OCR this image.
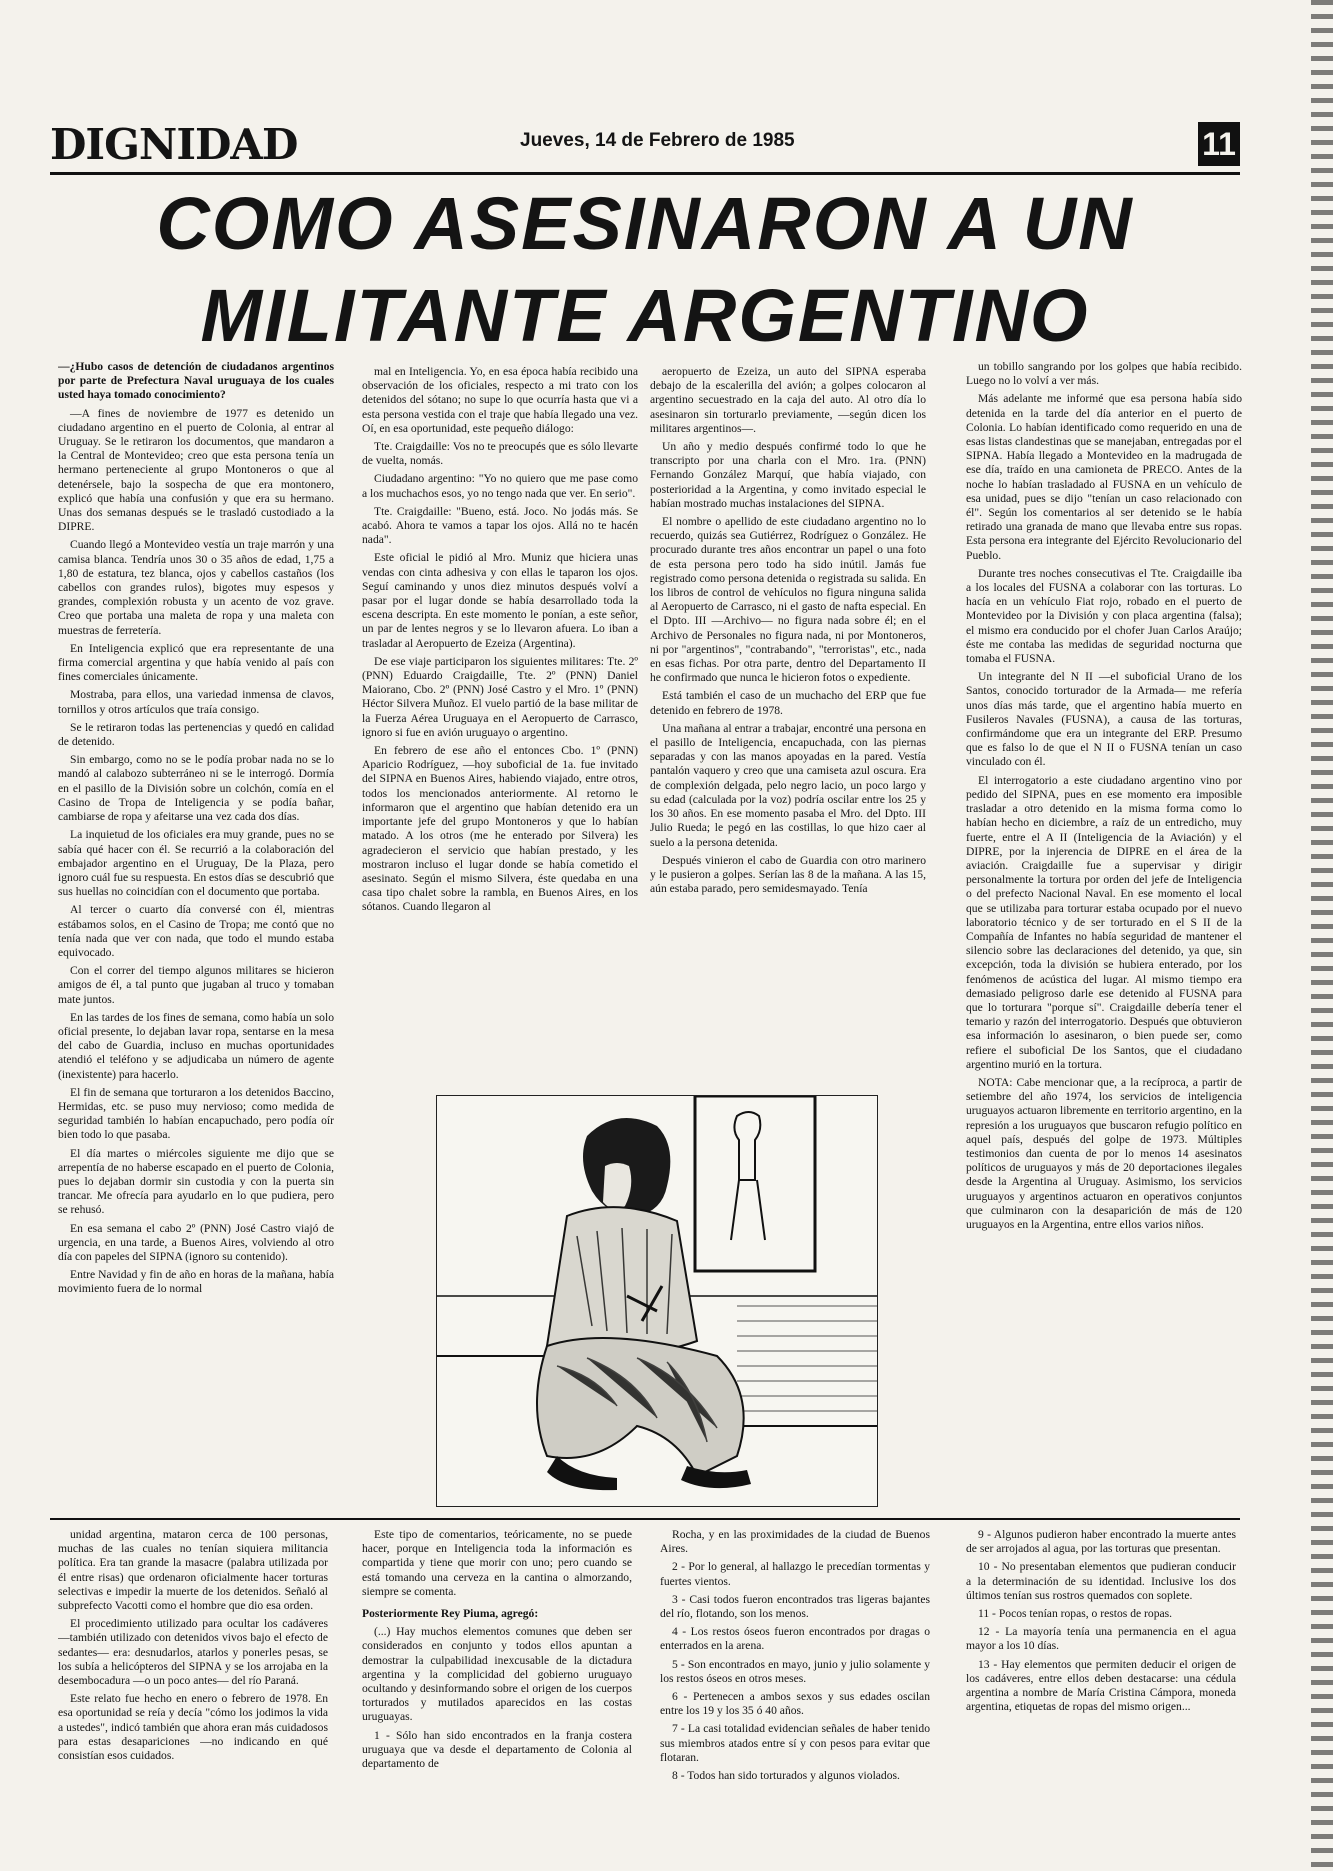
DIGNIDAD	Jueves, 14 de Febrero de 1985	11
COMO ASESINARON A UN
MILITANTE ARGENTINO

—¿Hubo casos de detención de ciudadanos argentinos por parte de Prefectura Naval uruguaya de los cuales usted haya tomado conocimiento?

—A fines de noviembre de 1977 es detenido un ciudadano argentino en el puerto de Colonia, al entrar al Uruguay. Se le retiraron los documentos, que mandaron a la Central de Montevideo; creo que esta persona tenía un hermano perteneciente al grupo Montoneros o que al detenérsele, bajo la sospecha de que era montonero, explicó que había una confusión y que era su hermano. Unas dos semanas después se le trasladó custodiado a la DIPRE.

Cuando llegó a Montevideo vestía un traje marrón y una camisa blanca. Tendría unos 30 o 35 años de edad, 1,75 a 1,80 de estatura, tez blanca, ojos y cabellos castaños (los cabellos con grandes rulos), bigotes muy espesos y grandes, complexión robusta y un acento de voz grave. Creo que portaba una maleta de ropa y una maleta con muestras de ferretería.

En Inteligencia explicó que era representante de una firma comercial argentina y que había venido al país con fines comerciales únicamente.

Mostraba, para ellos, una variedad inmensa de clavos, tornillos y otros artículos que traía consigo.

Se le retiraron todas las pertenencias y quedó en calidad de detenido.

Sin embargo, como no se le podía probar nada no se lo mandó al calabozo subterráneo ni se le interrogó. Dormía en el pasillo de la División sobre un colchón, comía en el Casino de Tropa de Inteligencia y se podía bañar, cambiarse de ropa y afeitarse una vez cada dos días.

La inquietud de los oficiales era muy grande, pues no se sabía qué hacer con él. Se recurrió a la colaboración del embajador argentino en el Uruguay, De la Plaza, pero ignoro cuál fue su respuesta. En estos días se descubrió que sus huellas no coincidían con el documento que portaba.

Al tercer o cuarto día conversé con él, mientras estábamos solos, en el Casino de Tropa; me contó que no tenía nada que ver con nada, que todo el mundo estaba equivocado.

Con el correr del tiempo algunos militares se hicieron amigos de él, a tal punto que jugaban al truco y tomaban mate juntos.

En las tardes de los fines de semana, como había un solo oficial presente, lo dejaban lavar ropa, sentarse en la mesa del cabo de Guardia, incluso en muchas oportunidades atendió el teléfono y se adjudicaba un número de agente (inexistente) para hacerlo.

El fin de semana que torturaron a los detenidos Baccino, Hermidas, etc. se puso muy nervioso; como medida de seguridad también lo habían encapuchado, pero podía oír bien todo lo que pasaba.

El día martes o miércoles siguiente me dijo que se arrepentía de no haberse escapado en el puerto de Colonia, pues lo dejaban dormir sin custodia y con la puerta sin trancar. Me ofrecía para ayudarlo en lo que pudiera, pero se rehusó.

En esa semana el cabo 2º (PNN) José Castro viajó de urgencia, en una tarde, a Buenos Aires, volviendo al otro día con papeles del SIPNA (ignoro su contenido).

Entre Navidad y fin de año en horas de la mañana, había movimiento fuera de lo normal

mal en Inteligencia. Yo, en esa época había recibido una observación de los oficiales, respecto a mi trato con los detenidos del sótano; no supe lo que ocurría hasta que vi a esta persona vestida con el traje que había llegado una vez. Oí, en esa oportunidad, este pequeño diálogo:

Tte. Craigdaille: Vos no te preocupés que es sólo llevarte de vuelta, nomás.

Ciudadano argentino: "Yo no quiero que me pase como a los muchachos esos, yo no tengo nada que ver. En serio".

Tte. Craigdaille: "Bueno, está. Joco. No jodás más. Se acabó. Ahora te vamos a tapar los ojos. Allá no te hacén nada".

Este oficial le pidió al Mro. Muniz que hiciera unas vendas con cinta adhesiva y con ellas le taparon los ojos. Seguí caminando y unos diez minutos después volví a pasar por el lugar donde se había desarrollado toda la escena descripta. En este momento le ponían, a este señor, un par de lentes negros y se lo llevaron afuera. Lo iban a trasladar al Aeropuerto de Ezeiza (Argentina).

De ese viaje participaron los siguientes militares: Tte. 2º (PNN) Eduardo Craigdaille, Tte. 2º (PNN) Daniel Maiorano, Cbo. 2º (PNN) José Castro y el Mro. 1º (PNN) Héctor Silvera Muñoz. El vuelo partió de la base militar de la Fuerza Aérea Uruguaya en el Aeropuerto de Carrasco, ignoro si fue en avión uruguayo o argentino.

En febrero de ese año el entonces Cbo. 1º (PNN) Aparicio Rodríguez, —hoy suboficial de 1a. fue invitado del SIPNA en Buenos Aires, habiendo viajado, entre otros, todos los mencionados anteriormente. Al retorno le informaron que el argentino que habían detenido era un importante jefe del grupo Montoneros y que lo habían matado. A los otros (me he enterado por Silvera) les agradecieron el servicio que habían prestado, y les mostraron incluso el lugar donde se había cometido el asesinato. Según el mismo Silvera, éste quedaba en una casa tipo chalet sobre la rambla, en Buenos Aires, en los sótanos. Cuando llegaron al

aeropuerto de Ezeiza, un auto del SIPNA esperaba debajo de la escalerilla del avión; a golpes colocaron al argentino secuestrado en la caja del auto. Al otro día lo asesinaron sin torturarlo previamente, —según dicen los militares argentinos—.

Un año y medio después confirmé todo lo que he transcripto por una charla con el Mro. 1ra. (PNN) Fernando González Marquí, que había viajado, con posterioridad a la Argentina, y como invitado especial le habían mostrado muchas instalaciones del SIPNA.

El nombre o apellido de este ciudadano argentino no lo recuerdo, quizás sea Gutiérrez, Rodríguez o González. He procurado durante tres años encontrar un papel o una foto de esta persona pero todo ha sido inútil. Jamás fue registrado como persona detenida o registrada su salida. En los libros de control de vehículos no figura ninguna salida al Aeropuerto de Carrasco, ni el gasto de nafta especial. En el Dpto. III —Archivo— no figura nada sobre él; en el Archivo de Personales no figura nada, ni por Montoneros, ni por "argentinos", "contrabando", "terroristas", etc., nada en esas fichas. Por otra parte, dentro del Departamento II he confirmado que nunca le hicieron fotos o expediente.

Está también el caso de un muchacho del ERP que fue detenido en febrero de 1978.

Una mañana al entrar a trabajar, encontré una persona en el pasillo de Inteligencia, encapuchada, con las piernas separadas y con las manos apoyadas en la pared. Vestía pantalón vaquero y creo que una camiseta azul oscura. Era de complexión delgada, pelo negro lacio, un poco largo y su edad (calculada por la voz) podría oscilar entre los 25 y los 30 años. En ese momento pasaba el Mro. del Dpto. III Julio Rueda; le pegó en las costillas, lo que hizo caer al suelo a la persona detenida.

Después vinieron el cabo de Guardia con otro marinero y le pusieron a golpes. Serían las 8 de la mañana. A las 15, aún estaba parado, pero semidesmayado. Tenía

un tobillo sangrando por los golpes que había recibido. Luego no lo volví a ver más.

Más adelante me informé que esa persona había sido detenida en la tarde del día anterior en el puerto de Colonia. Lo habían identificado como requerido en una de esas listas clandestinas que se manejaban, entregadas por el SIPNA. Había llegado a Montevideo en la madrugada de ese día, traído en una camioneta de PRECO. Antes de la noche lo habían trasladado al FUSNA en un vehículo de esa unidad, pues se dijo "tenían un caso relacionado con él". Según los comentarios al ser detenido se le había retirado una granada de mano que llevaba entre sus ropas. Esta persona era integrante del Ejército Revolucionario del Pueblo.

Durante tres noches consecutivas el Tte. Craigdaille iba a los locales del FUSNA a colaborar con las torturas. Lo hacía en un vehículo Fiat rojo, robado en el puerto de Montevideo por la División y con placa argentina (falsa); el mismo era conducido por el chofer Juan Carlos Araújo; éste me contaba las medidas de seguridad nocturna que tomaba el FUSNA.

Un integrante del N II —el suboficial Urano de los Santos, conocido torturador de la Armada— me refería unos días más tarde, que el argentino había muerto en Fusileros Navales (FUSNA), a causa de las torturas, confirmándome que era un integrante del ERP. Presumo que es falso lo de que el N II o FUSNA tenían un caso vinculado con él.

El interrogatorio a este ciudadano argentino vino por pedido del SIPNA, pues en ese momento era imposible trasladar a otro detenido en la misma forma como lo habían hecho en diciembre, a raíz de un entredicho, muy fuerte, entre el A II (Inteligencia de la Aviación) y el DIPRE, por la injerencia de DIPRE en el área de la aviación. Craigdaille fue a supervisar y dirigir personalmente la tortura por orden del jefe de Inteligencia o del prefecto Nacional Naval. En ese momento el local que se utilizaba para torturar estaba ocupado por el nuevo laboratorio técnico y de ser torturado en el S II de la Compañía de Infantes no había seguridad de mantener el silencio sobre las declaraciones del detenido, ya que, sin excepción, toda la división se hubiera enterado, por los fenómenos de acústica del lugar. Al mismo tiempo era demasiado peligroso darle ese detenido al FUSNA para que lo torturara "porque sí". Craigdaille debería tener el temario y razón del interrogatorio. Después que obtuvieron esa información lo asesinaron, o bien puede ser, como refiere el suboficial De los Santos, que el ciudadano argentino murió en la tortura.

NOTA: Cabe mencionar que, a la recíproca, a partir de setiembre del año 1974, los servicios de inteligencia uruguayos actuaron libremente en territorio argentino, en la represión a los uruguayos que buscaron refugio político en aquel país, después del golpe de 1973. Múltiples testimonios dan cuenta de por lo menos 14 asesinatos políticos de uruguayos y más de 20 deportaciones ilegales desde la Argentina al Uruguay. Asimismo, los servicios uruguayos y argentinos actuaron en operativos conjuntos que culminaron con la desaparición de más de 120 uruguayos en la Argentina, entre ellos varios niños.

unidad argentina, mataron cerca de 100 personas, muchas de las cuales no tenían siquiera militancia política. Era tan grande la masacre (palabra utilizada por él entre risas) que ordenaron oficialmente hacer torturas selectivas e impedir la muerte de los detenidos. Señaló al subprefecto Vacotti como el hombre que dio esa orden.

El procedimiento utilizado para ocultar los cadáveres —también utilizado con detenidos vivos bajo el efecto de sedantes— era: desnudarlos, atarlos y ponerles pesas, se los subía a helicópteros del SIPNA y se los arrojaba en la desembocadura —o un poco antes— del río Paraná.

Este relato fue hecho en enero o febrero de 1978. En esa oportunidad se reía y decía "cómo los jodimos la vida a ustedes", indicó también que ahora eran más cuidadosos para estas desapariciones —no indicando en qué consistían esos cuidados.

Este tipo de comentarios, teóricamente, no se puede hacer, porque en Inteligencia toda la información es compartida y tiene que morir con uno; pero cuando se está tomando una cerveza en la cantina o almorzando, siempre se comenta.

Posteriormente Rey Piuma, agregó:

(...) Hay muchos elementos comunes que deben ser considerados en conjunto y todos ellos apuntan a demostrar la culpabilidad inexcusable de la dictadura argentina y la complicidad del gobierno uruguayo ocultando y desinformando sobre el origen de los cuerpos torturados y mutilados aparecidos en las costas uruguayas.

1 - Sólo han sido encontrados en la franja costera uruguaya que va desde el departamento de Colonia al departamento de

Rocha, y en las proximidades de la ciudad de Buenos Aires.

2 - Por lo general, al hallazgo le precedían tormentas y fuertes vientos.

3 - Casi todos fueron encontrados tras ligeras bajantes del río, flotando, son los menos.

4 - Los restos óseos fueron encontrados por dragas o enterrados en la arena.

5 - Son encontrados en mayo, junio y julio solamente y los restos óseos en otros meses.

6 - Pertenecen a ambos sexos y sus edades oscilan entre los 19 y los 35 ó 40 años.

7 - La casi totalidad evidencian señales de haber tenido sus miembros atados entre sí y con pesos para evitar que flotaran.

8 - Todos han sido torturados y algunos violados.

9 - Algunos pudieron haber encontrado la muerte antes de ser arrojados al agua, por las torturas que presentan.

10 - No presentaban elementos que pudieran conducir a la determinación de su identidad. Inclusive los dos últimos tenían sus rostros quemados con soplete.

11 - Pocos tenían ropas, o restos de ropas.

12 - La mayoría tenía una permanencia en el agua mayor a los 10 días.

13 - Hay elementos que permiten deducir el origen de los cadáveres, entre ellos deben destacarse: una cédula argentina a nombre de María Cristina Cámpora, moneda argentina, etiquetas de ropas del mismo origen...
